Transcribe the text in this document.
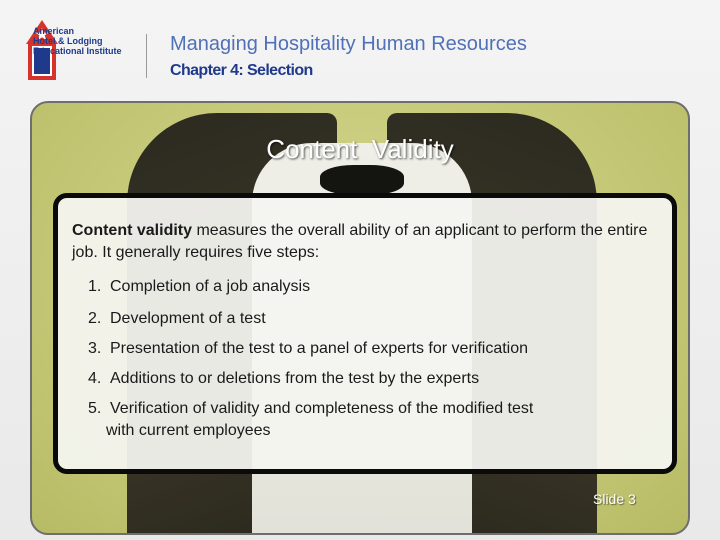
American
Hotel & Lodging
Educational Institute Managing Hospitality Human Resources
Chapter 4: Selection
Content  Validity
Content validity measures the overall ability of an applicant to perform the entire job. It generally requires five steps:
1. Completion of a job analysis
2. Development of a test
3. Presentation of the test to a panel of experts for verification
4. Additions to or deletions from the test by the experts
5. Verification of validity and completeness of the modified test
with current employees
Slide 3
